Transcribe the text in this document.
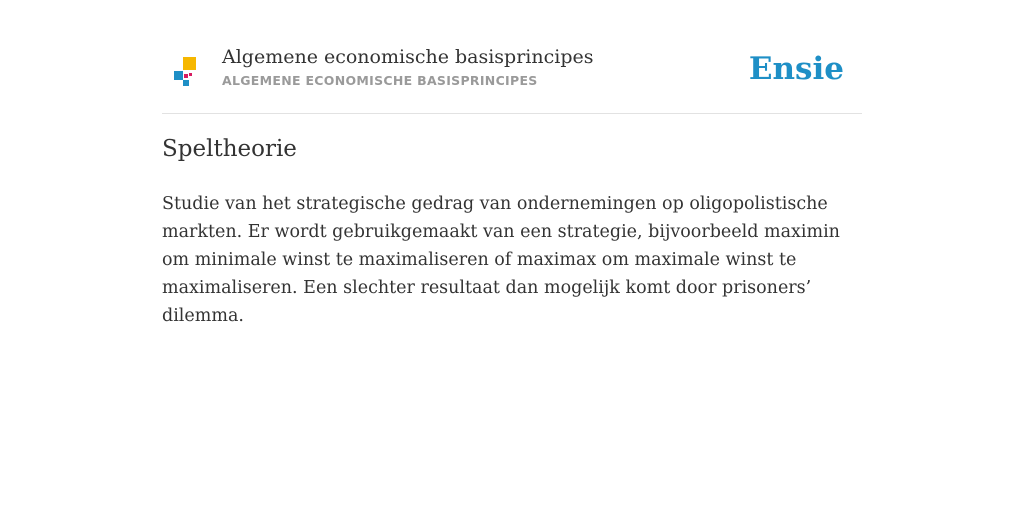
Algemene economische basisprincipes
ALGEMENE ECONOMISCHE BASISPRINCIPES	Ensie
Speltheorie

Studie van het strategische gedrag van ondernemingen op oligopolistische markten. Er wordt gebruikgemaakt van een strategie, bijvoorbeeld maximin om minimale winst te maximaliseren of maximax om maximale winst te maximaliseren. Een slechter resultaat dan mogelijk komt door prisoners’ dilemma.
